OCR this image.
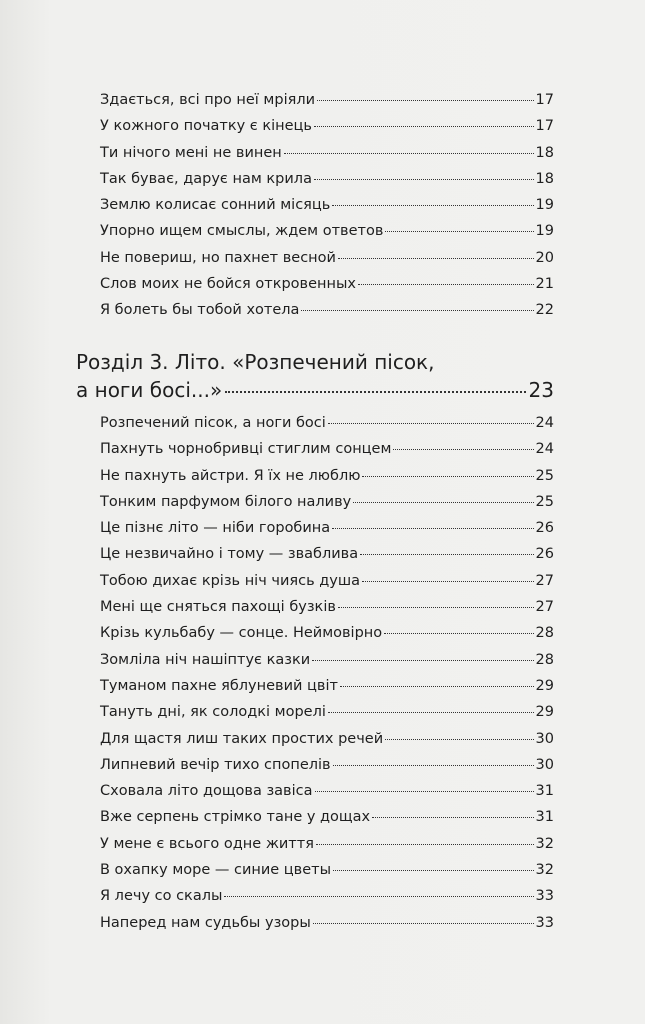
Здається, всі про неї мріяли	17
У кожного початку є кінець	17
Ти нічого мені не винен	18
Так буває, дарує нам крила	18
Землю колисає сонний місяць	19
Упорно ищем смыслы, ждем ответов	19
Не повериш, но пахнет весной	20
Слов моих не бойся откровенных	21
Я болеть бы тобой хотела	22
Розділ 3. Літо. «Розпечений пісок,
а ноги босі...»	23
Розпечений пісок, а ноги босі	24
Пахнуть чорнобривці стиглим сонцем	24
Не пахнуть айстри. Я їх не люблю	25
Тонким парфумом білого наливу	25
Це пізнє літо — ніби горобина	26
Це незвичайно і тому — зваблива	26
Тобою дихає крізь ніч чиясь душа	27
Мені ще сняться пахощі бузків	27
Крізь кульбабу — сонце. Неймовірно	28
Зомліла ніч нашіптує казки	28
Туманом пахне яблуневий цвіт	29
Тануть дні, як солодкі морелі	29
Для щастя лиш таких простих речей	30
Липневий вечір тихо спопелів	30
Сховала літо дощова завіса	31
Вже серпень стрімко тане у дощах	31
У мене є всього одне життя	32
В охапку море — синие цветы	32
Я лечу со скалы	33
Наперед нам судьбы узоры	33
